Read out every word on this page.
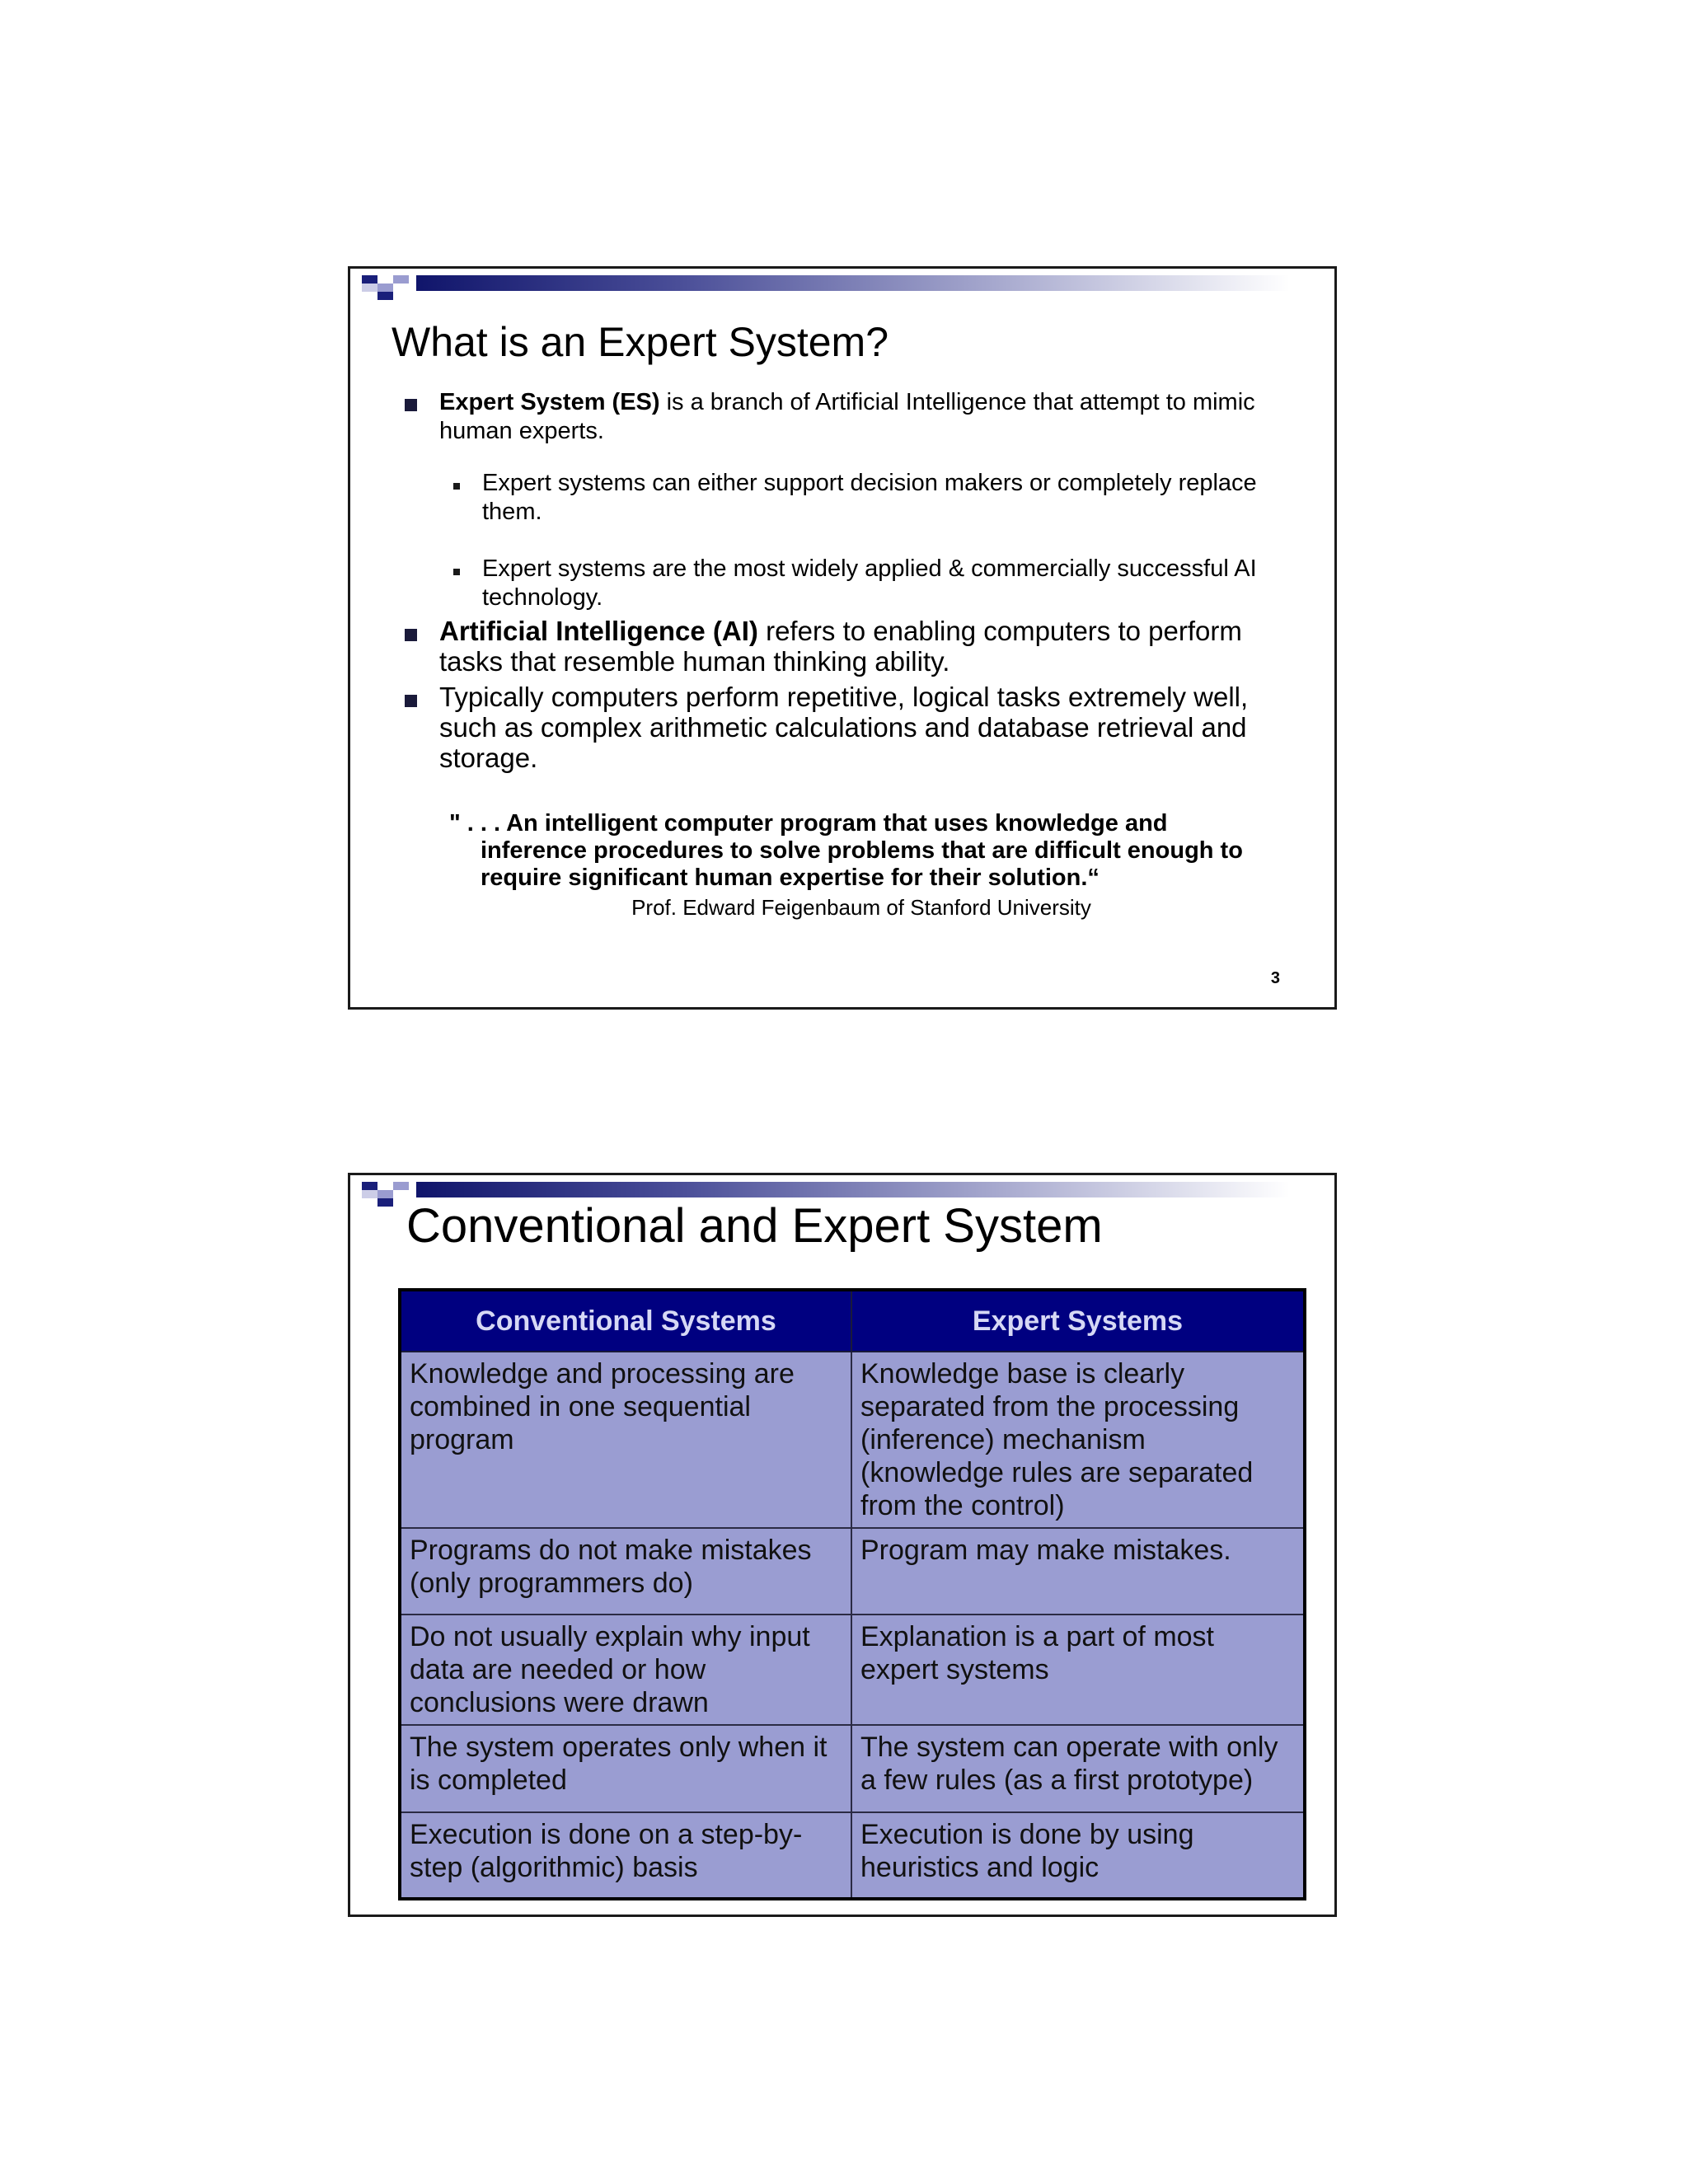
What is an Expert System?
Expert System (ES) is a branch of Artificial Intelligence that attempt to mimic human experts.
Expert systems can either support decision makers or completely replace them.
Expert systems are the most widely applied & commercially successful AI technology.
Artificial Intelligence (AI) refers to enabling computers to perform tasks that resemble human thinking ability.
Typically computers perform repetitive, logical tasks extremely well, such as complex arithmetic calculations and database retrieval and storage.
" . . . An intelligent computer program that uses knowledge and
inference procedures to solve problems that are difficult enough to require significant human expertise for their solution.“
Prof. Edward Feigenbaum of Stanford University
3
Conventional and Expert System
Conventional Systems	Expert Systems
Knowledge and processing are combined in one sequential program	Knowledge base is clearly separated from the processing (inference) mechanism (knowledge rules are separated from the control)
Programs do not make mistakes (only programmers do)	Program may make mistakes.
Do not usually explain why input data are needed or how conclusions were drawn	Explanation is a part of most expert systems
The system operates only when it is completed	The system can operate with only a few rules (as a first prototype)
Execution is done on a step-by-step (algorithmic) basis	Execution is done by using heuristics and logic
